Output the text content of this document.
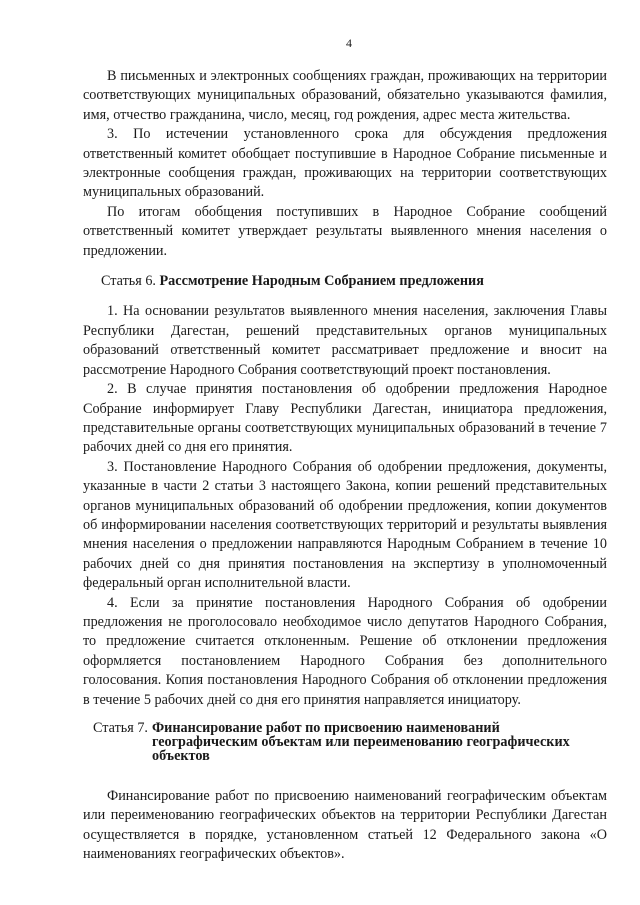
4

В письменных и электронных сообщениях граждан, проживающих на территории соответствующих муниципальных образований, обязательно указываются фамилия, имя, отчество гражданина, число, месяц, год рождения, адрес места жительства.

3. По истечении установленного срока для обсуждения предложения ответственный комитет обобщает поступившие в Народное Собрание письменные и электронные сообщения граждан, проживающих на территории соответствующих муниципальных образований.

По итогам обобщения поступивших в Народное Собрание сообщений ответственный комитет утверждает результаты выявленного мнения населения о предложении.

Статья 6. Рассмотрение Народным Собранием предложения

1. На основании результатов выявленного мнения населения, заключения Главы Республики Дагестан, решений представительных органов муниципальных образований ответственный комитет рассматривает предложение и вносит на рассмотрение Народного Собрания соответствующий проект постановления.

2. В случае принятия постановления об одобрении предложения Народное Собрание информирует Главу Республики Дагестан, инициатора предложения, представительные органы соответствующих муниципальных образований в течение 7 рабочих дней со дня его принятия.

3. Постановление Народного Собрания об одобрении предложения, документы, указанные в части 2 статьи 3 настоящего Закона, копии решений представительных органов муниципальных образований об одобрении предложения, копии документов об информировании населения соответствующих территорий и результаты выявления мнения населения о предложении направляются Народным Собранием в течение 10 рабочих дней со дня принятия постановления на экспертизу в уполномоченный федеральный орган исполнительной власти.

4. Если за принятие постановления Народного Собрания об одобрении предложения не проголосовало необходимое число депутатов Народного Собрания, то предложение считается отклоненным. Решение об отклонении предложения оформляется постановлением Народного Собрания без дополнительного голосования. Копия постановления Народного Собрания об отклонении предложения в течение 5 рабочих дней со дня его принятия направляется инициатору.

Статья 7. Финансирование работ по присвоению наименований географическим объектам или переименованию географических объектов

Финансирование работ по присвоению наименований географическим объектам или переименованию географических объектов на территории Республики Дагестан осуществляется в порядке, установленном статьей 12 Федерального закона «О наименованиях географических объектов».
